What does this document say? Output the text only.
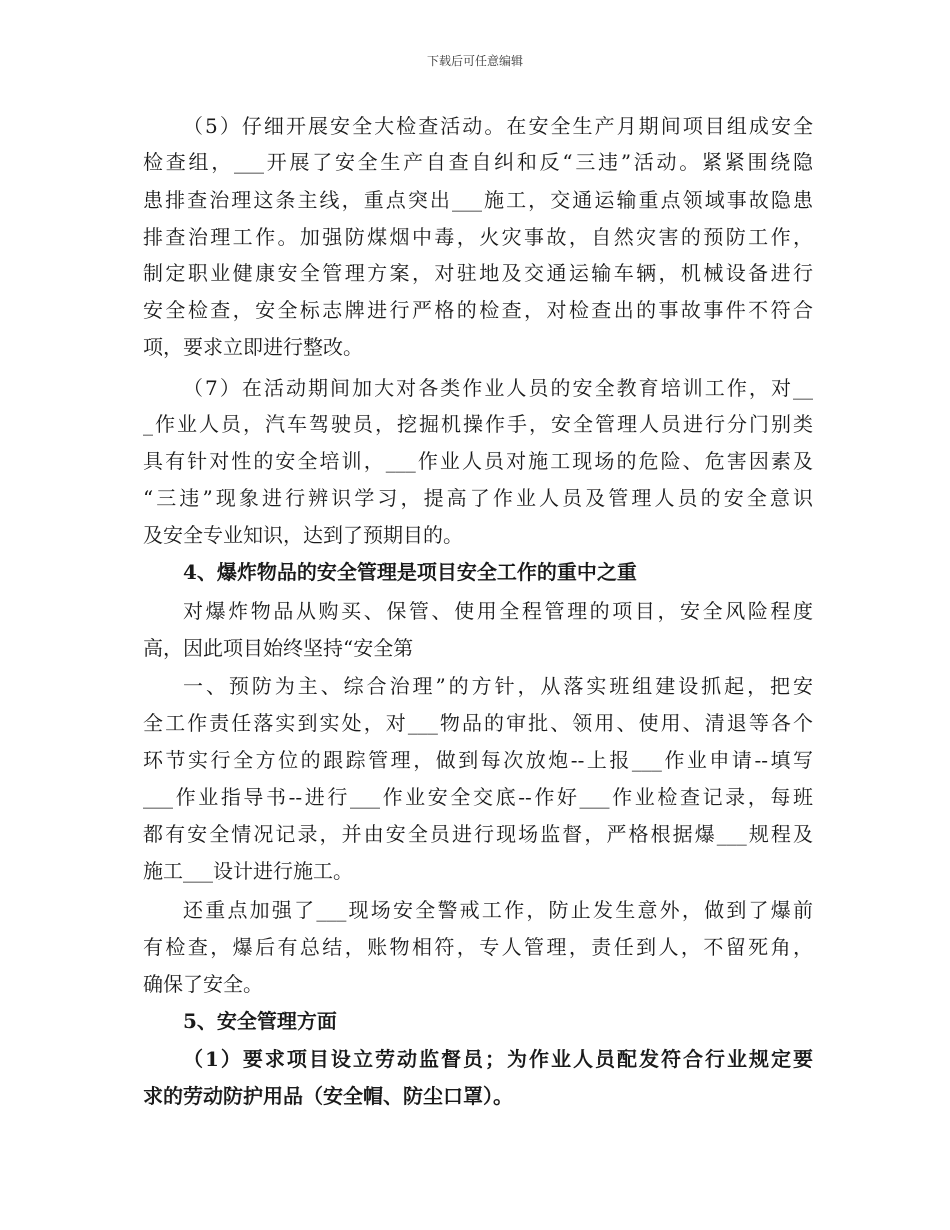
下载后可任意编辑
（5）仔细开展安全大检查活动。在安全生产月期间项目组成安全
检查组，___开展了安全生产自查自纠和反“三违”活动。紧紧围绕隐
患排查治理这条主线，重点突出___施工，交通运输重点领域事故隐患
排查治理工作。加强防煤烟中毒，火灾事故，自然灾害的预防工作，
制定职业健康安全管理方案，对驻地及交通运输车辆，机械设备进行
安全检查，安全标志牌进行严格的检查，对检查出的事故事件不符合
项，要求立即进行整改。
（7）在活动期间加大对各类作业人员的安全教育培训工作，对__
_作业人员，汽车驾驶员，挖掘机操作手，安全管理人员进行分门别类
具有针对性的安全培训，___作业人员对施工现场的危险、危害因素及
“三违”现象进行辨识学习，提高了作业人员及管理人员的安全意识
及安全专业知识，达到了预期目的。
4、爆炸物品的安全管理是项目安全工作的重中之重
对爆炸物品从购买、保管、使用全程管理的项目，安全风险程度
高，因此项目始终坚持“安全第
一、预防为主、综合治理”的方针，从落实班组建设抓起，把安
全工作责任落实到实处，对___物品的审批、领用、使用、清退等各个
环节实行全方位的跟踪管理，做到每次放炮--上报___作业申请--填写
___作业指导书--进行___作业安全交底--作好___作业检查记录，每班
都有安全情况记录，并由安全员进行现场监督，严格根据爆___规程及
施工___设计进行施工。
还重点加强了___现场安全警戒工作，防止发生意外，做到了爆前
有检查，爆后有总结，账物相符，专人管理，责任到人，不留死角，
确保了安全。
5、安全管理方面
（1）要求项目设立劳动监督员；为作业人员配发符合行业规定要
求的劳动防护用品（安全帽、防尘口罩）。
